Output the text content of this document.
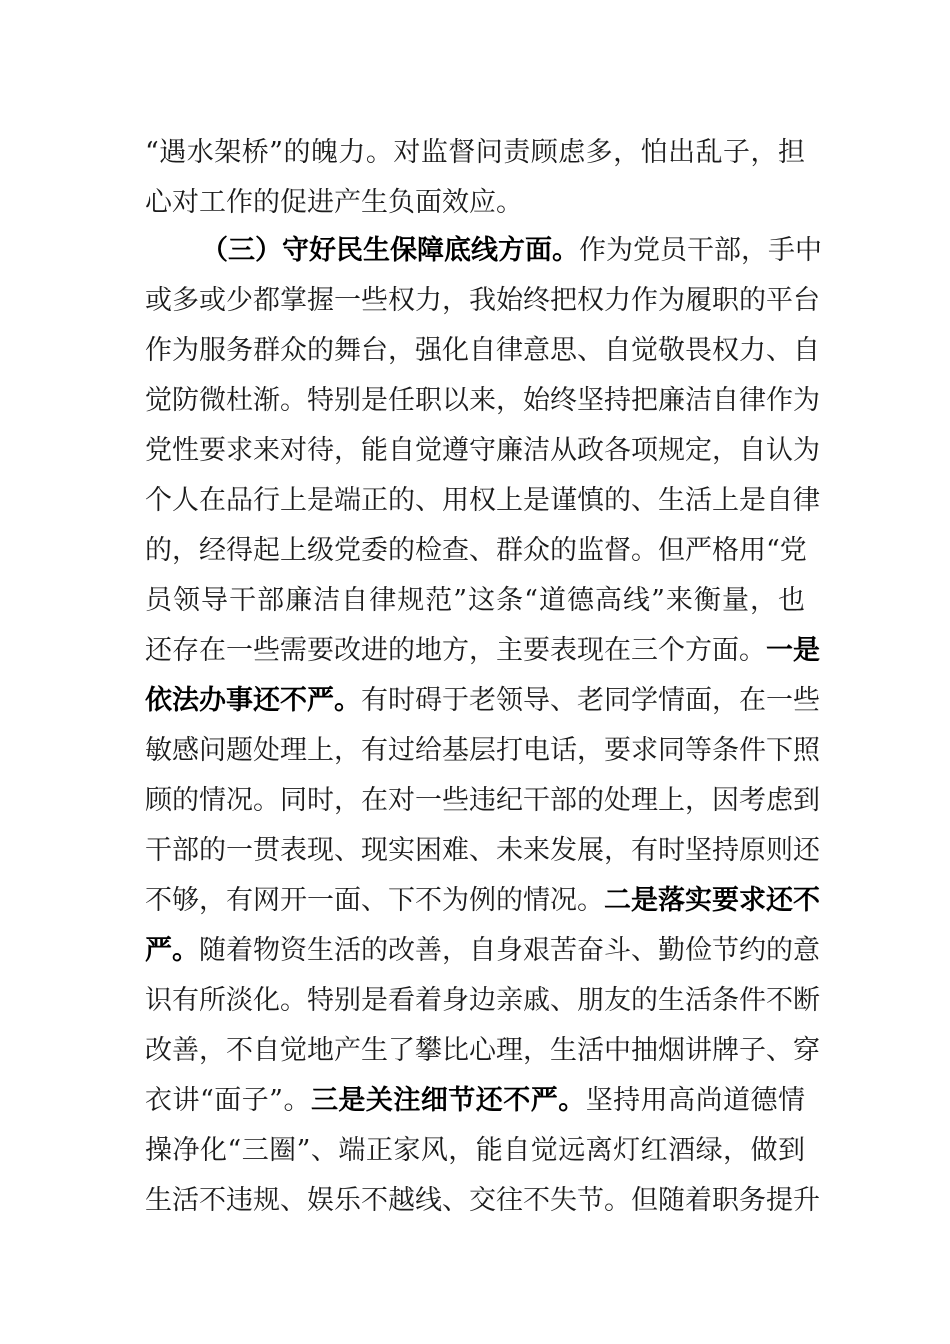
“遇水架桥”的魄力。对监督问责顾虑多，怕出乱子，担
心对工作的促进产生负面效应。
（三）守好民生保障底线方面。作为党员干部，手中
或多或少都掌握一些权力，我始终把权力作为履职的平台
作为服务群众的舞台，强化自律意思、自觉敬畏权力、自
觉防微杜渐。特别是任职以来，始终坚持把廉洁自律作为
党性要求来对待，能自觉遵守廉洁从政各项规定，自认为
个人在品行上是端正的、用权上是谨慎的、生活上是自律
的，经得起上级党委的检查、群众的监督。但严格用“党
员领导干部廉洁自律规范”这条“道德高线”来衡量，也
还存在一些需要改进的地方，主要表现在三个方面。一是
依法办事还不严。有时碍于老领导、老同学情面，在一些
敏感问题处理上，有过给基层打电话，要求同等条件下照
顾的情况。同时，在对一些违纪干部的处理上，因考虑到
干部的一贯表现、现实困难、未来发展，有时坚持原则还
不够，有网开一面、下不为例的情况。二是落实要求还不
严。随着物资生活的改善，自身艰苦奋斗、勤俭节约的意
识有所淡化。特别是看着身边亲戚、朋友的生活条件不断
改善，不自觉地产生了攀比心理，生活中抽烟讲牌子、穿
衣讲“面子”。三是关注细节还不严。坚持用高尚道德情
操净化“三圈”、端正家风，能自觉远离灯红酒绿，做到
生活不违规、娱乐不越线、交往不失节。但随着职务提升
